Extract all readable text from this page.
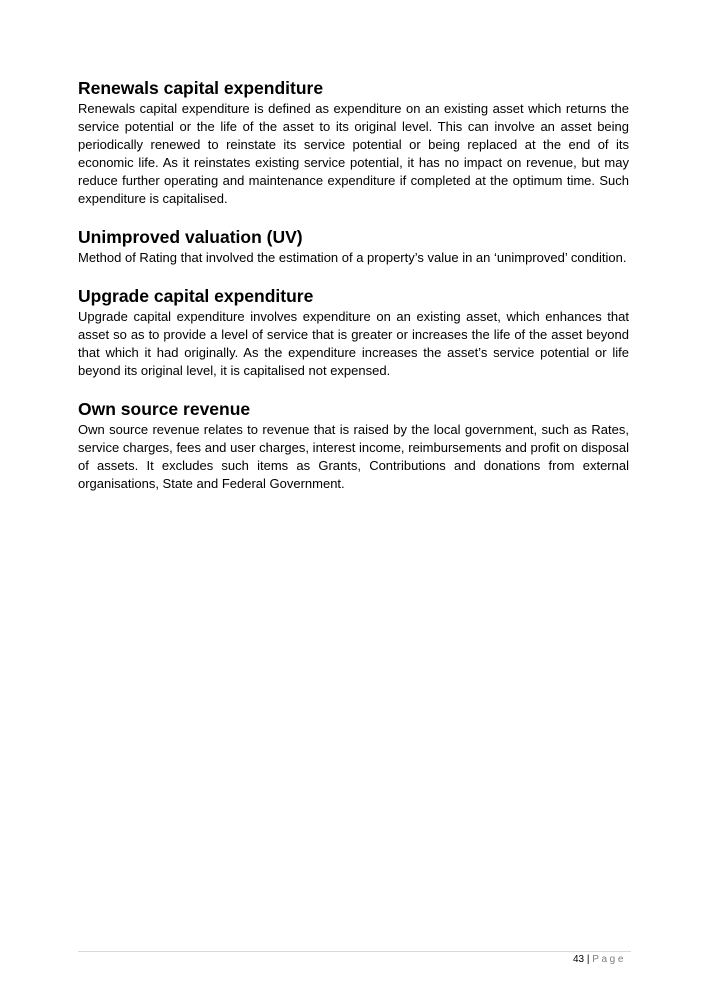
Renewals capital expenditure

Renewals capital expenditure is defined as expenditure on an existing asset which returns the service potential or the life of the asset to its original level. This can involve an asset being periodically renewed to reinstate its service potential or being replaced at the end of its economic life. As it reinstates existing service potential, it has no impact on revenue, but may reduce further operating and maintenance expenditure if completed at the optimum time. Such expenditure is capitalised.

Unimproved valuation (UV)

Method of Rating that involved the estimation of a property’s value in an ‘unimproved’ condition.

Upgrade capital expenditure

Upgrade capital expenditure involves expenditure on an existing asset, which enhances that asset so as to provide a level of service that is greater or increases the life of the asset beyond that which it had originally. As the expenditure increases the asset’s service potential or life beyond its original level, it is capitalised not expensed.

Own source revenue

Own source revenue relates to revenue that is raised by the local government, such as Rates, service charges, fees and user charges, interest income, reimbursements and profit on disposal of assets. It excludes such items as Grants, Contributions and donations from external organisations, State and Federal Government.

43 | Page
